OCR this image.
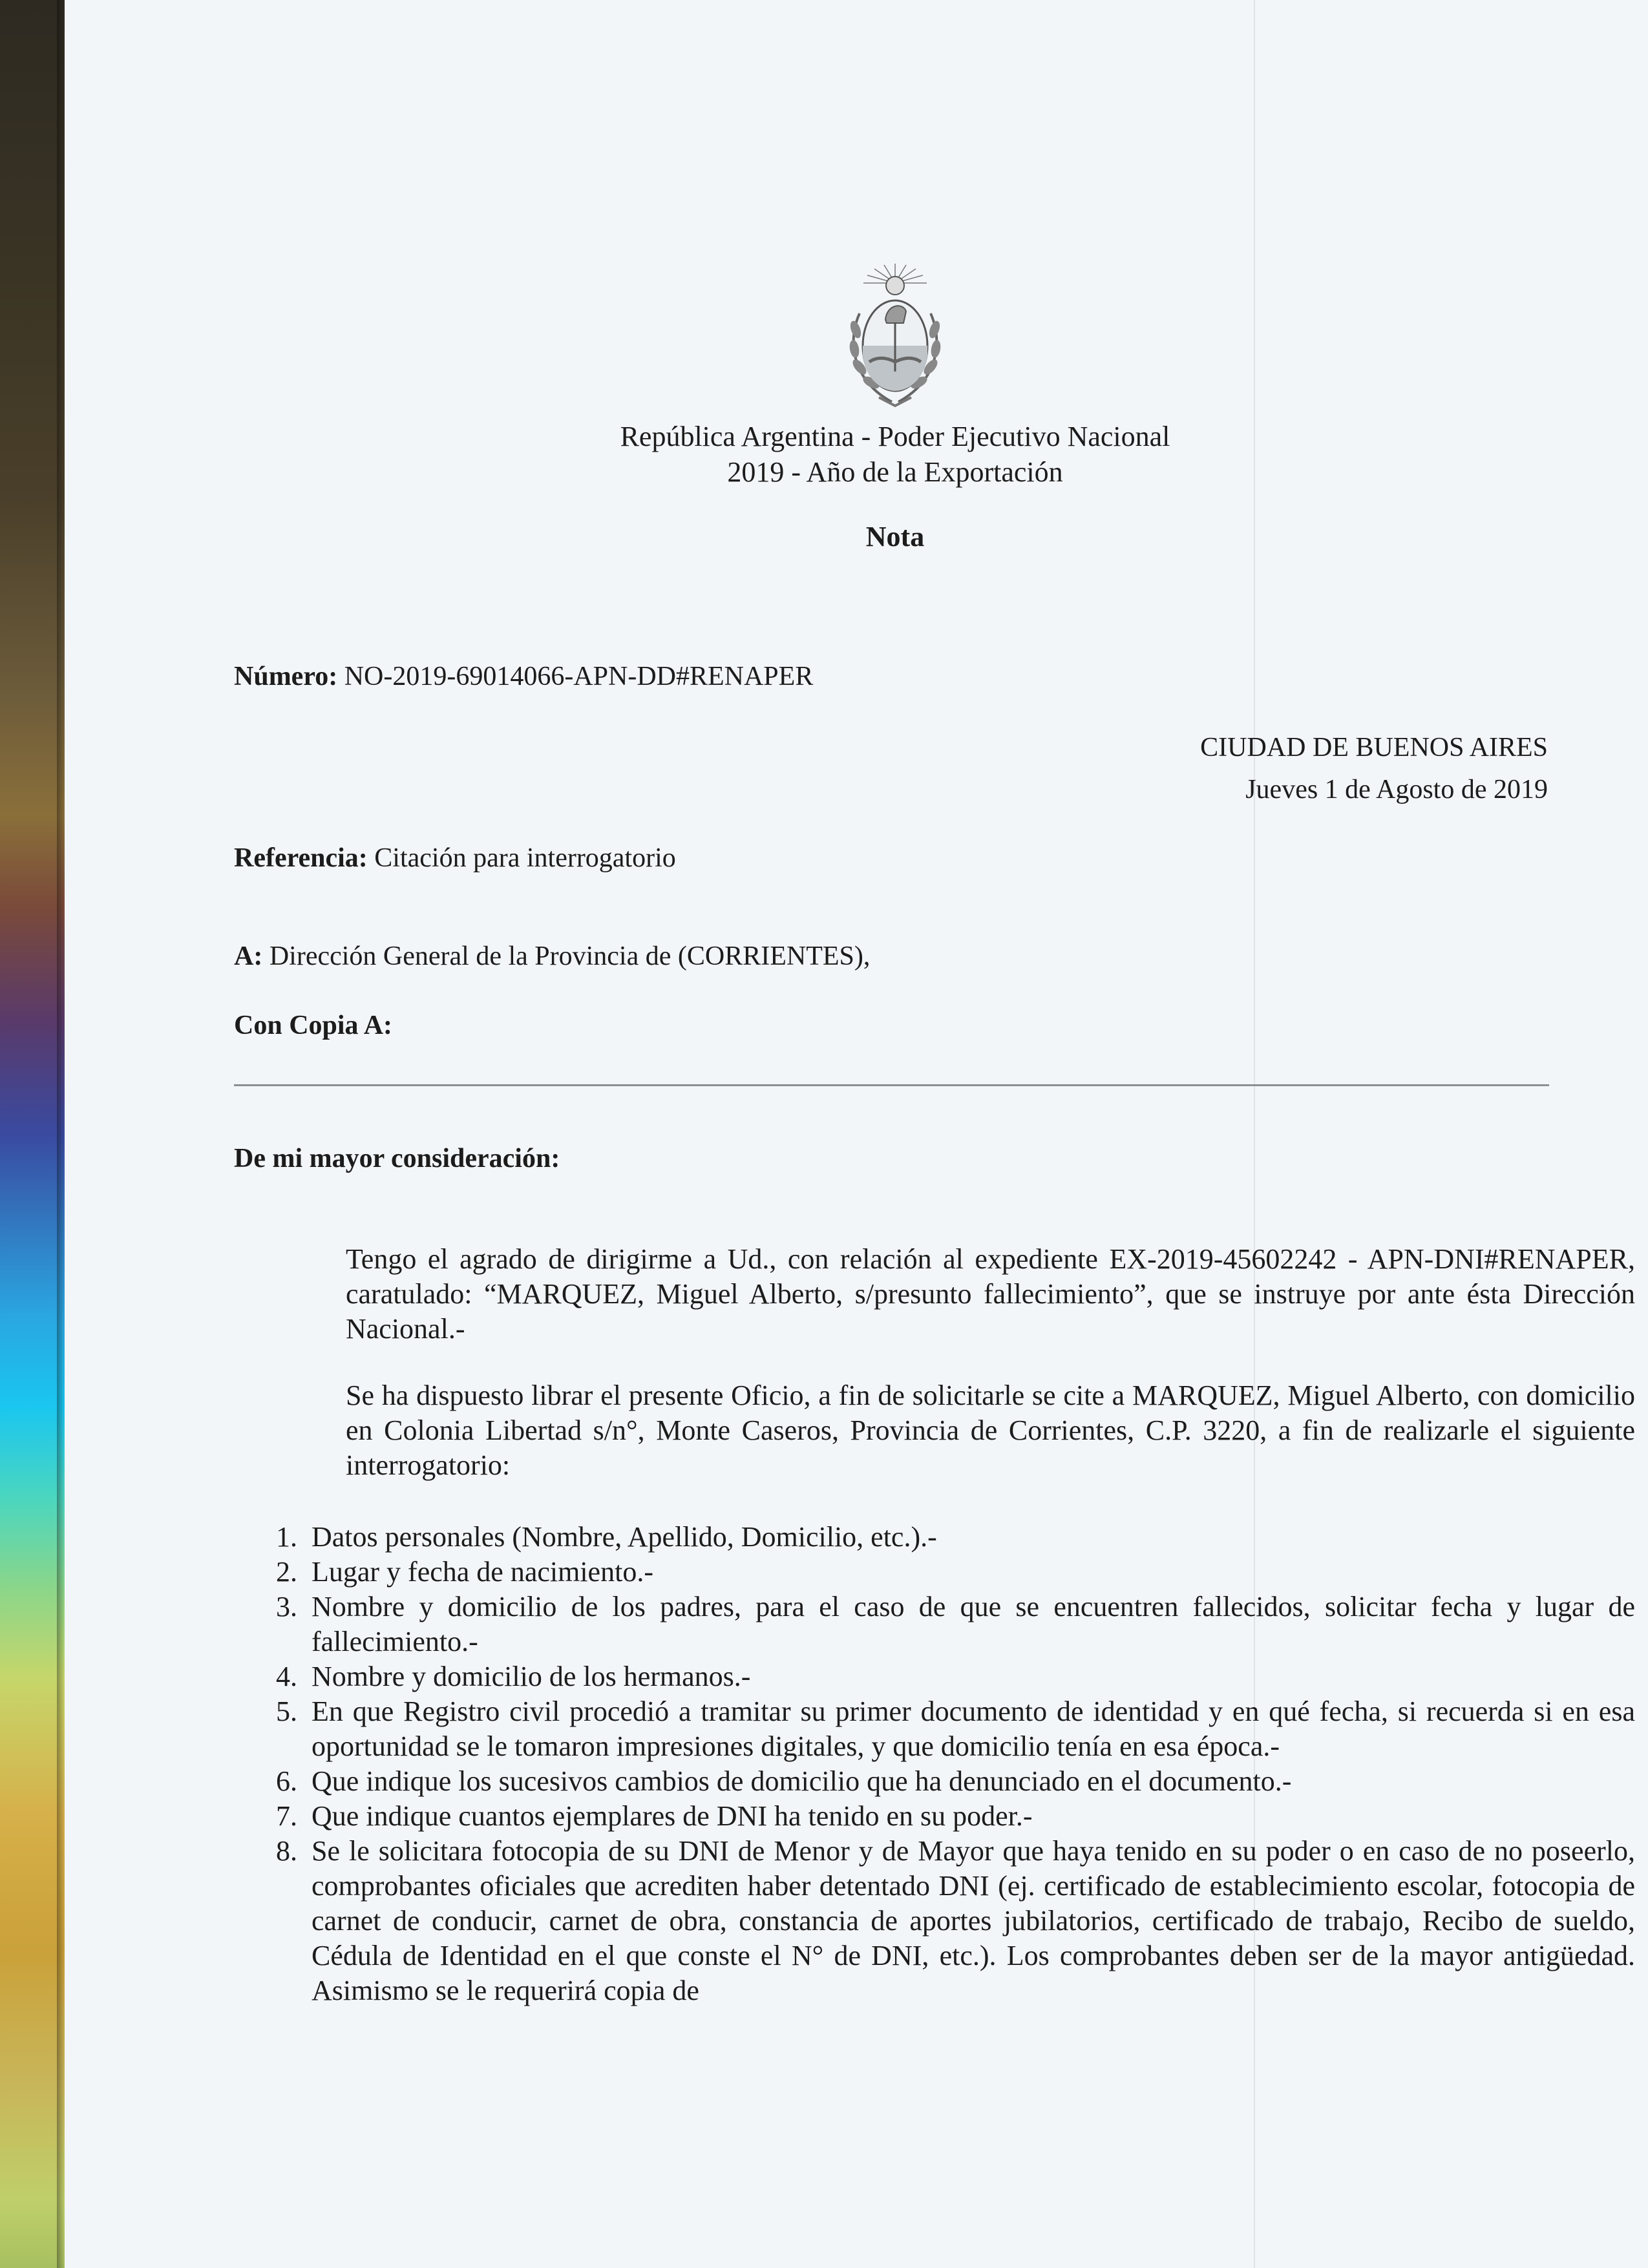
República Argentina - Poder Ejecutivo Nacional
2019 - Año de la Exportación
Nota
Número: NO-2019-69014066-APN-DD#RENAPER
CIUDAD DE BUENOS AIRES
Jueves 1 de Agosto de 2019
Referencia: Citación para interrogatorio
A: Dirección General de la Provincia de (CORRIENTES),
Con Copia A:
De mi mayor consideración:
Tengo el agrado de dirigirme a Ud., con relación al expediente EX-2019-45602242 - APN-DNI#RENAPER, caratulado: “MARQUEZ, Miguel Alberto, s/presunto fallecimiento”, que se instruye por ante ésta Dirección Nacional.-
Se ha dispuesto librar el presente Oficio, a fin de solicitarle se cite a MARQUEZ, Miguel Alberto, con domicilio en Colonia Libertad s/n°, Monte Caseros, Provincia de Corrientes, C.P. 3220, a fin de realizarle el siguiente interrogatorio:
1. Datos personales (Nombre, Apellido, Domicilio, etc.).-
2. Lugar y fecha de nacimiento.-
3. Nombre y domicilio de los padres, para el caso de que se encuentren fallecidos, solicitar fecha y lugar de fallecimiento.-
4. Nombre y domicilio de los hermanos.-
5. En que Registro civil procedió a tramitar su primer documento de identidad y en qué fecha, si recuerda si en esa oportunidad se le tomaron impresiones digitales, y que domicilio tenía en esa época.-
6. Que indique los sucesivos cambios de domicilio que ha denunciado en el documento.-
7. Que indique cuantos ejemplares de DNI ha tenido en su poder.-
8. Se le solicitara fotocopia de su DNI de Menor y de Mayor que haya tenido en su poder o en caso de no poseerlo, comprobantes oficiales que acrediten haber detentado DNI (ej. certificado de establecimiento escolar, fotocopia de carnet de conducir, carnet de obra, constancia de aportes jubilatorios, certificado de trabajo, Recibo de sueldo, Cédula de Identidad en el que conste el N° de DNI, etc.). Los comprobantes deben ser de la mayor antigüedad. Asimismo se le requerirá copia de
